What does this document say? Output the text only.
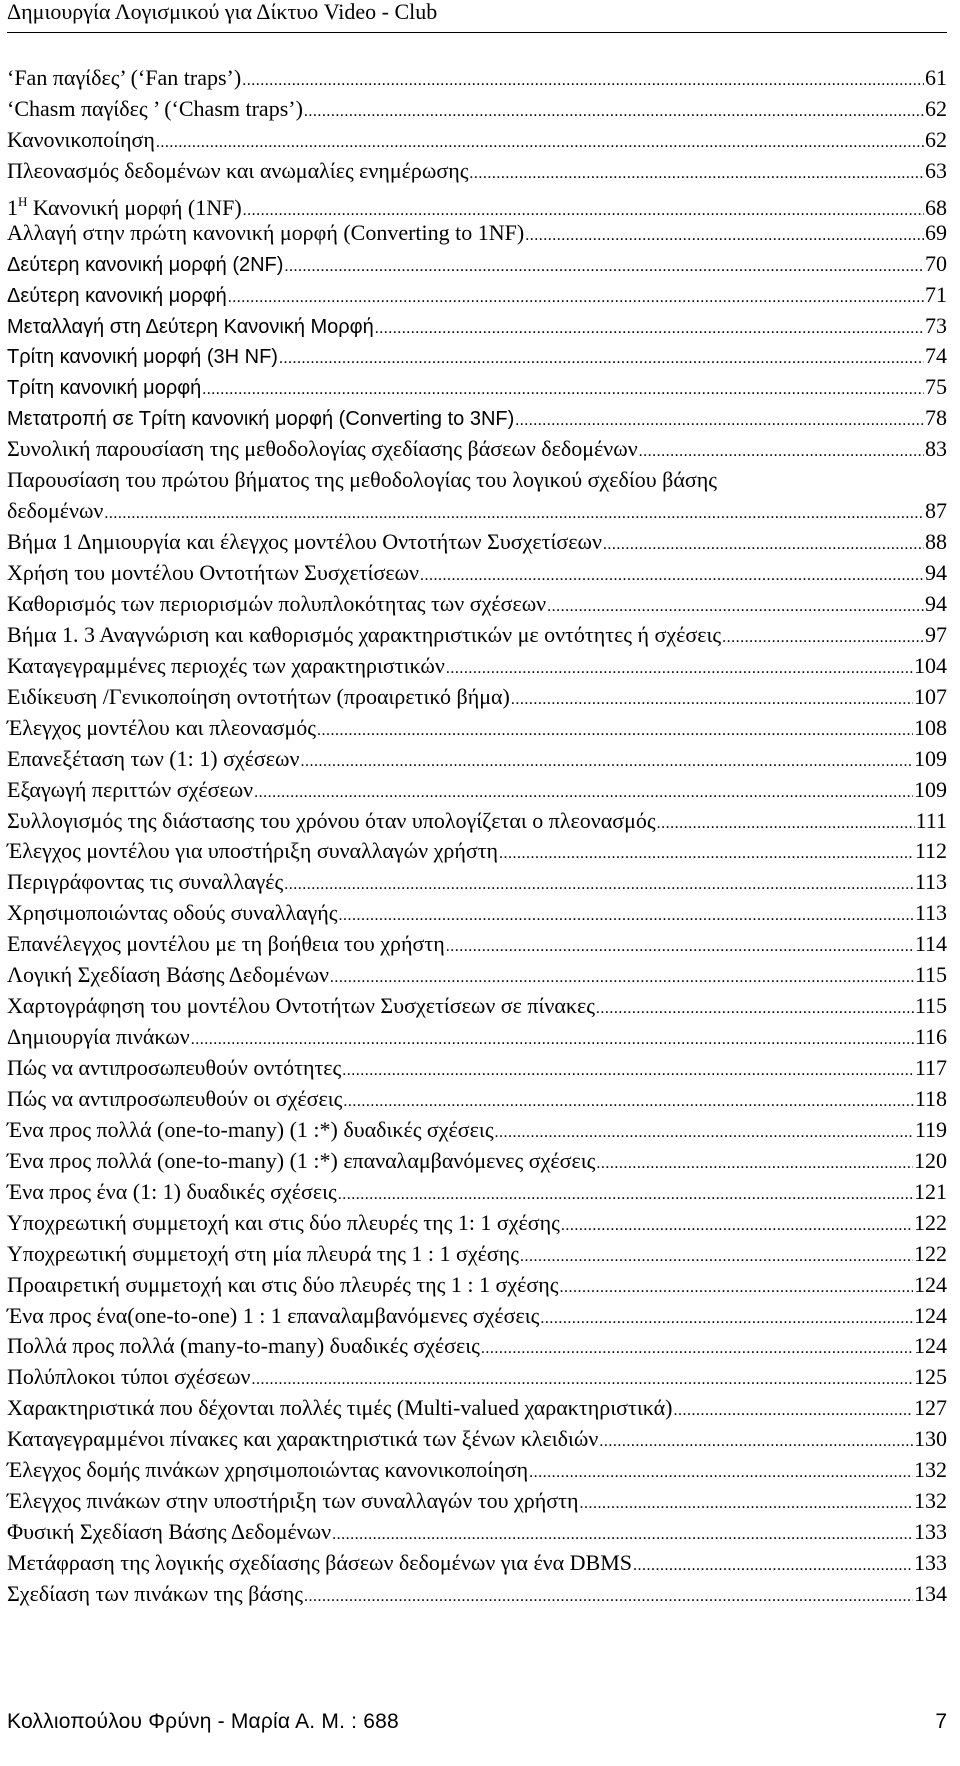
Δημιουργία Λογισμικού για Δίκτυο Video - Club
‘Fan παγίδες’ (‘Fan traps’) .....	61
‘Chasm παγίδες ’ (‘Chasm traps’) .....	62
Κανονικοποίηση .....	62
Πλεονασμός δεδομένων και ανωμαλίες ενημέρωσης .....	63
$1^H$ Κανονική μορφή (1NF) .....	68
Αλλαγή στην πρώτη κανονική μορφή (Converting to 1NF) .....	69
Δεύτερη κανονική μορφή (2NF) .....	70
Δεύτερη κανονική μορφή .....	71
Μεταλλαγή στη Δεύτερη Κανονική Μορφή .....	73
Τρίτη κανονική μορφή (3Η NF) .....	74
Τρίτη κανονική μορφή .....	75
Μετατροπή σε Τρίτη κανονική μορφή (Converting to 3NF) .....	78
Συνολική παρουσίαση της μεθοδολογίας σχεδίασης βάσεων δεδομένων .....	83
Παρουσίαση του πρώτου βήματος της μεθοδολογίας του λογικού σχεδίου βάσης
δεδομένων .....	87
Βήμα 1 Δημιουργία και έλεγχος μοντέλου Οντοτήτων Συσχετίσεων .....	88
Χρήση του μοντέλου Οντοτήτων Συσχετίσεων .....	94
Καθορισμός των περιορισμών πολυπλοκότητας των σχέσεων .....	94
Βήμα 1. 3 Αναγνώριση και καθορισμός χαρακτηριστικών με οντότητες ή σχέσεις .....	97
Καταγεγραμμένες περιοχές των χαρακτηριστικών .....	104
Ειδίκευση /Γενικοποίηση οντοτήτων (προαιρετικό βήμα) .....	107
Έλεγχος μοντέλου και πλεονασμός .....	108
Επανεξέταση των (1: 1) σχέσεων .....	109
Εξαγωγή περιττών σχέσεων .....	109
Συλλογισμός της διάστασης του χρόνου όταν υπολογίζεται ο πλεονασμός .....	111
Έλεγχος μοντέλου για υποστήριξη συναλλαγών χρήστη .....	112
Περιγράφοντας τις συναλλαγές .....	113
Χρησιμοποιώντας οδούς συναλλαγής .....	113
Επανέλεγχος μοντέλου με τη βοήθεια του χρήστη .....	114
Λογική Σχεδίαση Βάσης Δεδομένων .....	115
Χαρτογράφηση του μοντέλου Οντοτήτων Συσχετίσεων σε πίνακες .....	115
Δημιουργία πινάκων .....	116
Πώς να αντιπροσωπευθούν οντότητες .....	117
Πώς να αντιπροσωπευθούν οι σχέσεις .....	118
Ένα προς πολλά (one-to-many) (1 :*) δυαδικές σχέσεις .....	119
Ένα προς πολλά (one-to-many) (1 :*) επαναλαμβανόμενες σχέσεις .....	120
Ένα προς ένα (1: 1) δυαδικές σχέσεις .....	121
Υποχρεωτική συμμετοχή και στις δύο πλευρές της 1: 1 σχέσης .....	122
Υποχρεωτική συμμετοχή στη μία πλευρά της 1 : 1 σχέσης .....	122
Προαιρετική συμμετοχή και στις δύο πλευρές της 1 : 1 σχέσης .....	124
Ένα προς ένα(one-to-one) 1 : 1 επαναλαμβανόμενες σχέσεις .....	124
Πολλά προς πολλά (many-to-many) δυαδικές σχέσεις .....	124
Πολύπλοκοι τύποι σχέσεων .....	125
Χαρακτηριστικά που δέχονται πολλές τιμές (Multi-valued χαρακτηριστικά) .....	127
Καταγεγραμμένοι πίνακες και χαρακτηριστικά των ξένων κλειδιών .....	130
Έλεγχος δομής πινάκων χρησιμοποιώντας κανονικοποίηση .....	132
Έλεγχος πινάκων στην υποστήριξη των συναλλαγών του χρήστη .....	132
Φυσική Σχεδίαση Βάσης Δεδομένων .....	133
Μετάφραση της λογικής σχεδίασης βάσεων δεδομένων για ένα DBMS .....	133
Σχεδίαση των πινάκων της βάσης .....	134
Κολλιοπούλου Φρύνη - Μαρία Α. Μ. : 688	7
